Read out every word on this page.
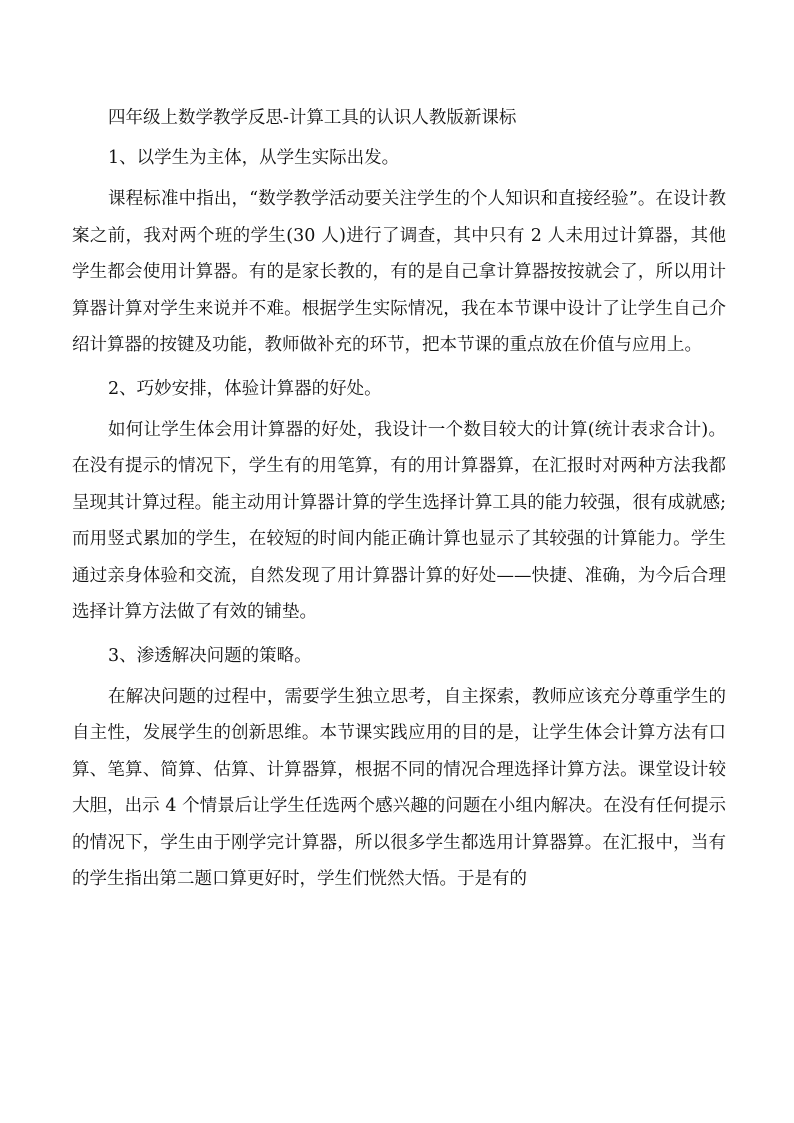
四年级上数学教学反思-计算工具的认识人教版新课标

1、以学生为主体，从学生实际出发。

课程标准中指出，“数学教学活动要关注学生的个人知识和直接经验”。在设计教案之前，我对两个班的学生(30 人)进行了调查，其中只有 2 人未用过计算器，其他学生都会使用计算器。有的是家长教的，有的是自己拿计算器按按就会了，所以用计算器计算对学生来说并不难。根据学生实际情况，我在本节课中设计了让学生自己介绍计算器的按键及功能，教师做补充的环节，把本节课的重点放在价值与应用上。

2、巧妙安排，体验计算器的好处。

如何让学生体会用计算器的好处，我设计一个数目较大的计算(统计表求合计)。在没有提示的情况下，学生有的用笔算，有的用计算器算，在汇报时对两种方法我都呈现其计算过程。能主动用计算器计算的学生选择计算工具的能力较强，很有成就感;而用竖式累加的学生，在较短的时间内能正确计算也显示了其较强的计算能力。学生通过亲身体验和交流，自然发现了用计算器计算的好处——快捷、准确，为今后合理选择计算方法做了有效的铺垫。

3、渗透解决问题的策略。

在解决问题的过程中，需要学生独立思考，自主探索，教师应该充分尊重学生的自主性，发展学生的创新思维。本节课实践应用的目的是，让学生体会计算方法有口算、笔算、简算、估算、计算器算，根据不同的情况合理选择计算方法。课堂设计较大胆，出示 4 个情景后让学生任选两个感兴趣的问题在小组内解决。在没有任何提示的情况下，学生由于刚学完计算器，所以很多学生都选用计算器算。在汇报中，当有的学生指出第二题口算更好时，学生们恍然大悟。于是有的
